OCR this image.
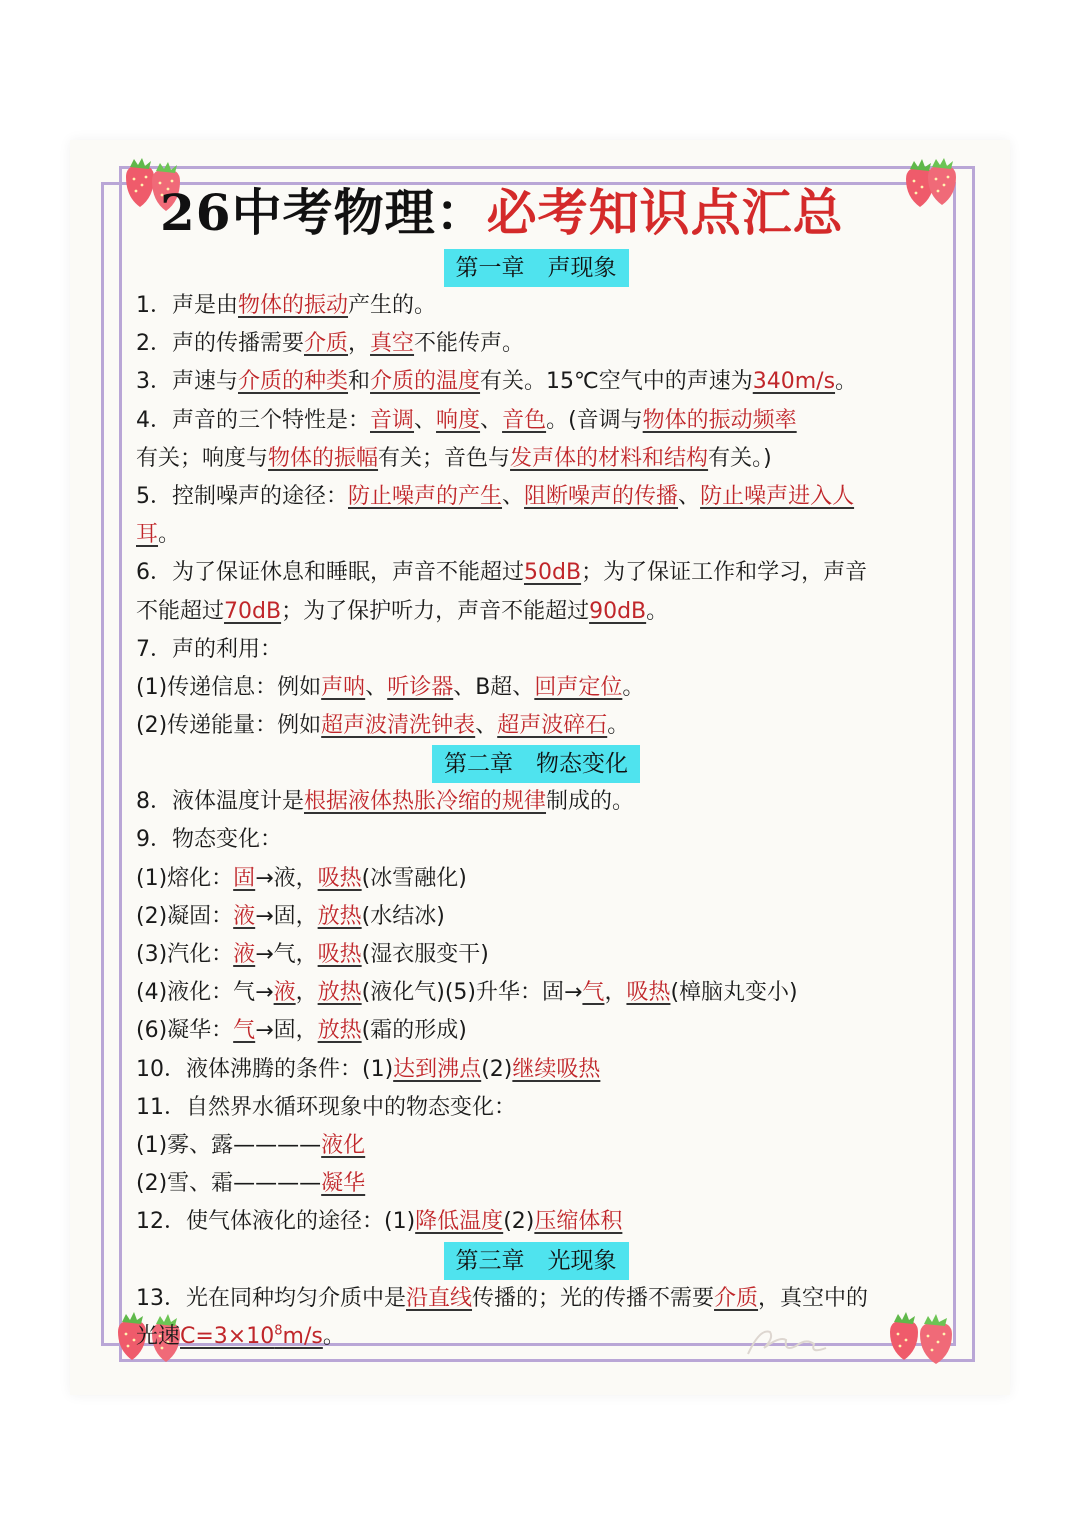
26中考物理：必考知识点汇总
第一章　声现象
1．声是由物体的振动产生的。
2．声的传播需要介质，真空不能传声。
3．声速与介质的种类和介质的温度有关。15℃空气中的声速为340m/s。
4．声音的三个特性是：音调、响度、音色。(音调与物体的振动频率
有关；响度与物体的振幅有关；音色与发声体的材料和结构有关。)
5．控制噪声的途径：防止噪声的产生、阻断噪声的传播、防止噪声进入人
耳。
6．为了保证休息和睡眠，声音不能超过50dB；为了保证工作和学习，声音
不能超过70dB；为了保护听力，声音不能超过90dB。
7．声的利用：
(1)传递信息：例如声呐、听诊器、B超、回声定位。
(2)传递能量：例如超声波清洗钟表、超声波碎石。
第二章　物态变化
8．液体温度计是根据液体热胀冷缩的规律制成的。
9．物态变化：
(1)熔化：固→液，吸热(冰雪融化)
(2)凝固：液→固，放热(水结冰)
(3)汽化：液→气，吸热(湿衣服变干)
(4)液化：气→液，放热(液化气)(5)升华：固→气，吸热(樟脑丸变小)
(6)凝华：气→固，放热(霜的形成)
10．液体沸腾的条件：(1)达到沸点(2)继续吸热
11．自然界水循环现象中的物态变化：
(1)雾、露————液化
(2)雪、霜————凝华
12．使气体液化的途径：(1)降低温度(2)压缩体积
第三章　光现象
13．光在同种均匀介质中是沿直线传播的；光的传播不需要介质，真空中的
光速$C=3\times 10^8m/s$。
